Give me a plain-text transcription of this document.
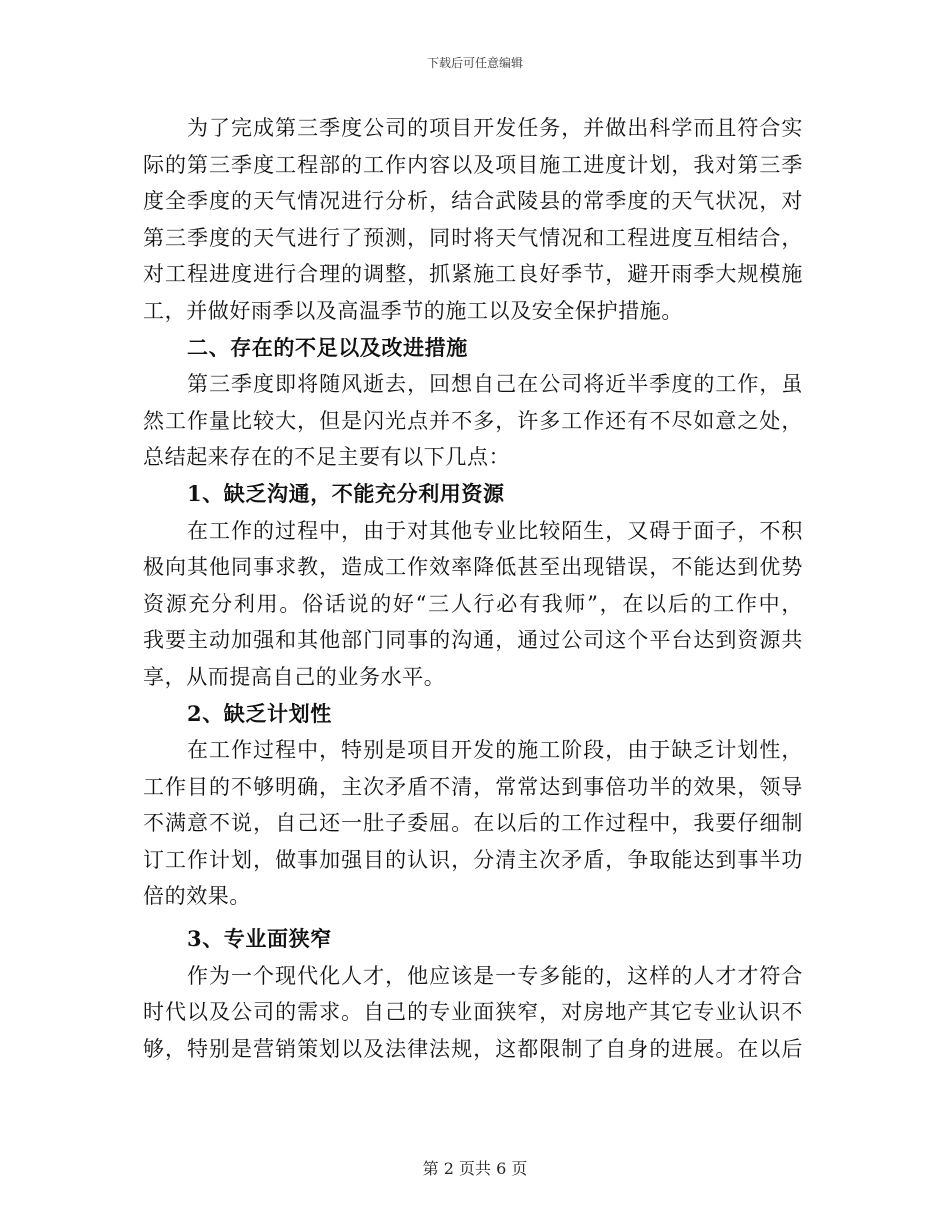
下载后可任意编辑
为了完成第三季度公司的项目开发任务，并做出科学而且符合实
际的第三季度工程部的工作内容以及项目施工进度计划，我对第三季
度全季度的天气情况进行分析，结合武陵县的常季度的天气状况，对
第三季度的天气进行了预测，同时将天气情况和工程进度互相结合，
对工程进度进行合理的调整，抓紧施工良好季节，避开雨季大规模施
工，并做好雨季以及高温季节的施工以及安全保护措施。
二、存在的不足以及改进措施
第三季度即将随风逝去，回想自己在公司将近半季度的工作，虽
然工作量比较大，但是闪光点并不多，许多工作还有不尽如意之处，
总结起来存在的不足主要有以下几点：
1、缺乏沟通，不能充分利用资源
在工作的过程中，由于对其他专业比较陌生，又碍于面子，不积
极向其他同事求教，造成工作效率降低甚至出现错误，不能达到优势
资源充分利用。俗话说的好“三人行必有我师”，在以后的工作中，
我要主动加强和其他部门同事的沟通，通过公司这个平台达到资源共
享，从而提高自己的业务水平。
2、缺乏计划性
在工作过程中，特别是项目开发的施工阶段，由于缺乏计划性，
工作目的不够明确，主次矛盾不清，常常达到事倍功半的效果，领导
不满意不说，自己还一肚子委屈。在以后的工作过程中，我要仔细制
订工作计划，做事加强目的认识，分清主次矛盾，争取能达到事半功
倍的效果。
3、专业面狭窄
作为一个现代化人才，他应该是一专多能的，这样的人才才符合
时代以及公司的需求。自己的专业面狭窄，对房地产其它专业认识不
够，特别是营销策划以及法律法规，这都限制了自身的进展。在以后
第 2 页共 6 页
